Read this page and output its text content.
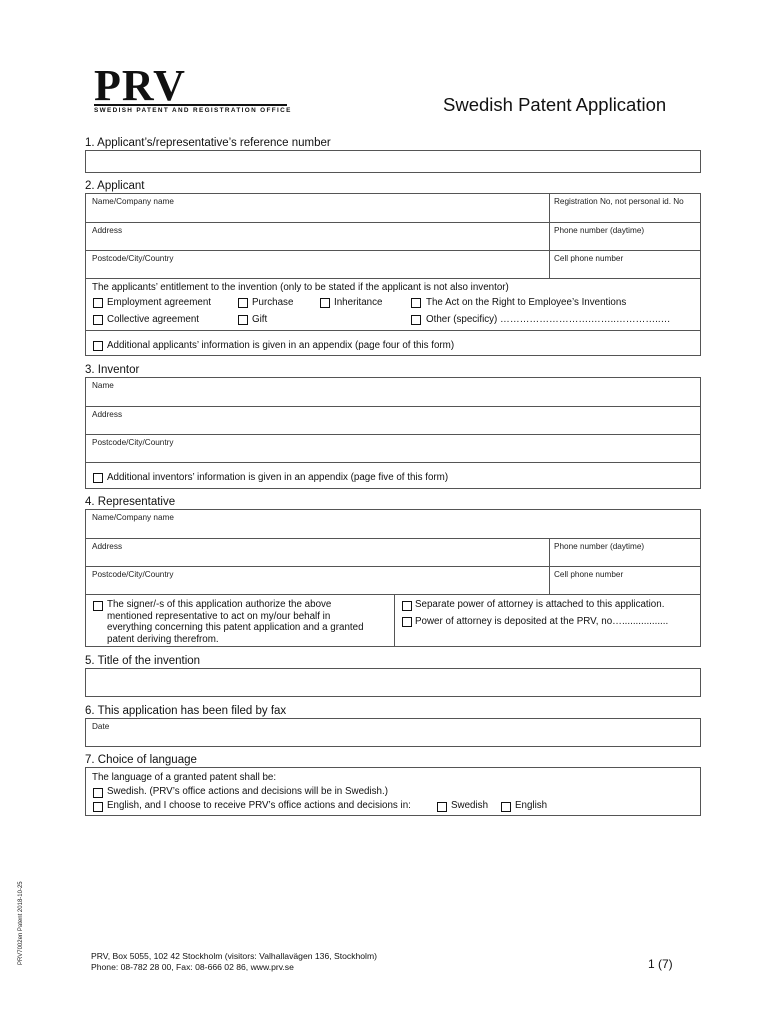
PRV
SWEDISH PATENT AND REGISTRATION OFFICE	Swedish Patent Application
1. Applicant’s/representative’s reference number
2. Applicant
Name/Company name	Registration No, not personal id. No
Address	Phone number (daytime)
Postcode/City/Country	Cell phone number
The applicants’ entitlement to the invention (only to be stated if the applicant is not also inventor)
Employment agreement	Purchase	Inheritance	The Act on the Right to Employee’s Inventions
Collective agreement	Gift	Other (specificy) ……………………….……..…………..…
Additional applicants’ information is given in an appendix (page four of this form)
3. Inventor
Name
Address
Postcode/City/Country
Additional inventors’ information is given in an appendix (page five of this form)
4. Representative
Name/Company name
Address	Phone number (daytime)
Postcode/City/Country	Cell phone number
The signer/-s of this application authorize the above
mentioned representative to act on my/our behalf in
everything concerning this patent application and a granted
patent deriving therefrom.
Separate power of attorney is attached to this application.
Power of attorney is deposited at the PRV, no….................
5. Title of the invention
6. This application has been filed by fax
Date
7. Choice of language
The language of a granted patent shall be:
Swedish. (PRV’s office actions and decisions will be in Swedish.)
English, and I choose to receive PRV’s office actions and decisions in:	Swedish	English
PRV7002en Patent 2018-10-25	PRV, Box 5055, 102 42 Stockholm (visitors: Valhallavägen 136, Stockholm)
Phone: 08-782 28 00, Fax: 08-666 02 86, www.prv.se	1 (7)
